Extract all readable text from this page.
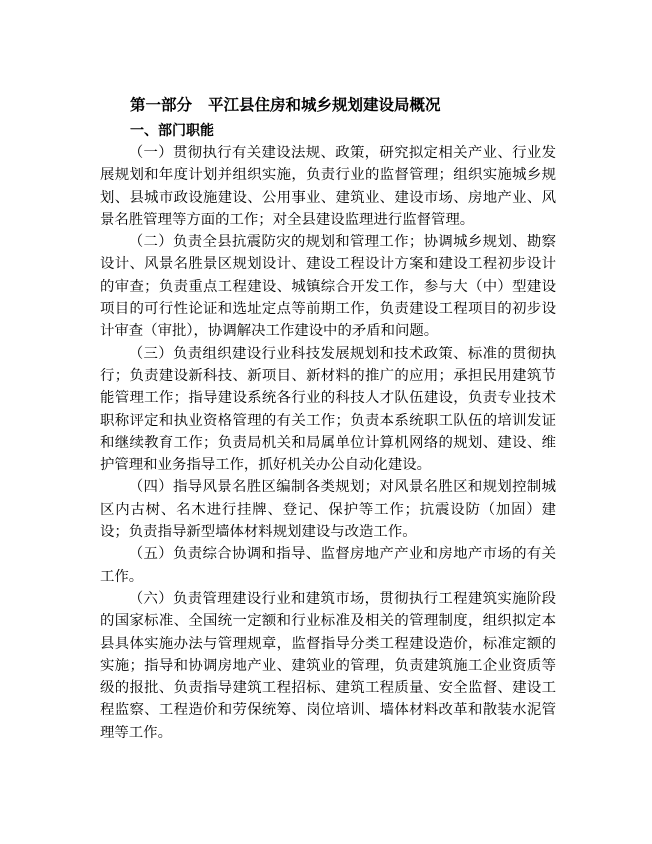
第一部分 平江县住房和城乡规划建设局概况
一、部门职能

（一）贯彻执行有关建设法规、政策，研究拟定相关产业、行业发展规划和年度计划并组织实施，负责行业的监督管理；组织实施城乡规划、县城市政设施建设、公用事业、建筑业、建设市场、房地产业、风景名胜管理等方面的工作；对全县建设监理进行监督管理。

（二）负责全县抗震防灾的规划和管理工作；协调城乡规划、勘察设计、风景名胜景区规划设计、建设工程设计方案和建设工程初步设计的审查；负责重点工程建设、城镇综合开发工作，参与大（中）型建设项目的可行性论证和选址定点等前期工作，负责建设工程项目的初步设计审查（审批），协调解决工作建设中的矛盾和问题。

（三）负责组织建设行业科技发展规划和技术政策、标准的贯彻执行；负责建设新科技、新项目、新材料的推广的应用；承担民用建筑节能管理工作；指导建设系统各行业的科技人才队伍建设，负责专业技术职称评定和执业资格管理的有关工作；负责本系统职工队伍的培训发证和继续教育工作；负责局机关和局属单位计算机网络的规划、建设、维护管理和业务指导工作，抓好机关办公自动化建设。

（四）指导风景名胜区编制各类规划；对风景名胜区和规划控制城区内古树、名木进行挂牌、登记、保护等工作；抗震设防（加固）建设；负责指导新型墙体材料规划建设与改造工作。

（五）负责综合协调和指导、监督房地产产业和房地产市场的有关工作。

（六）负责管理建设行业和建筑市场，贯彻执行工程建筑实施阶段的国家标准、全国统一定额和行业标准及相关的管理制度，组织拟定本县具体实施办法与管理规章，监督指导分类工程建设造价，标准定额的实施；指导和协调房地产业、建筑业的管理，负责建筑施工企业资质等级的报批、负责指导建筑工程招标、建筑工程质量、安全监督、建设工程监察、工程造价和劳保统筹、岗位培训、墙体材料改革和散装水泥管理等工作。
